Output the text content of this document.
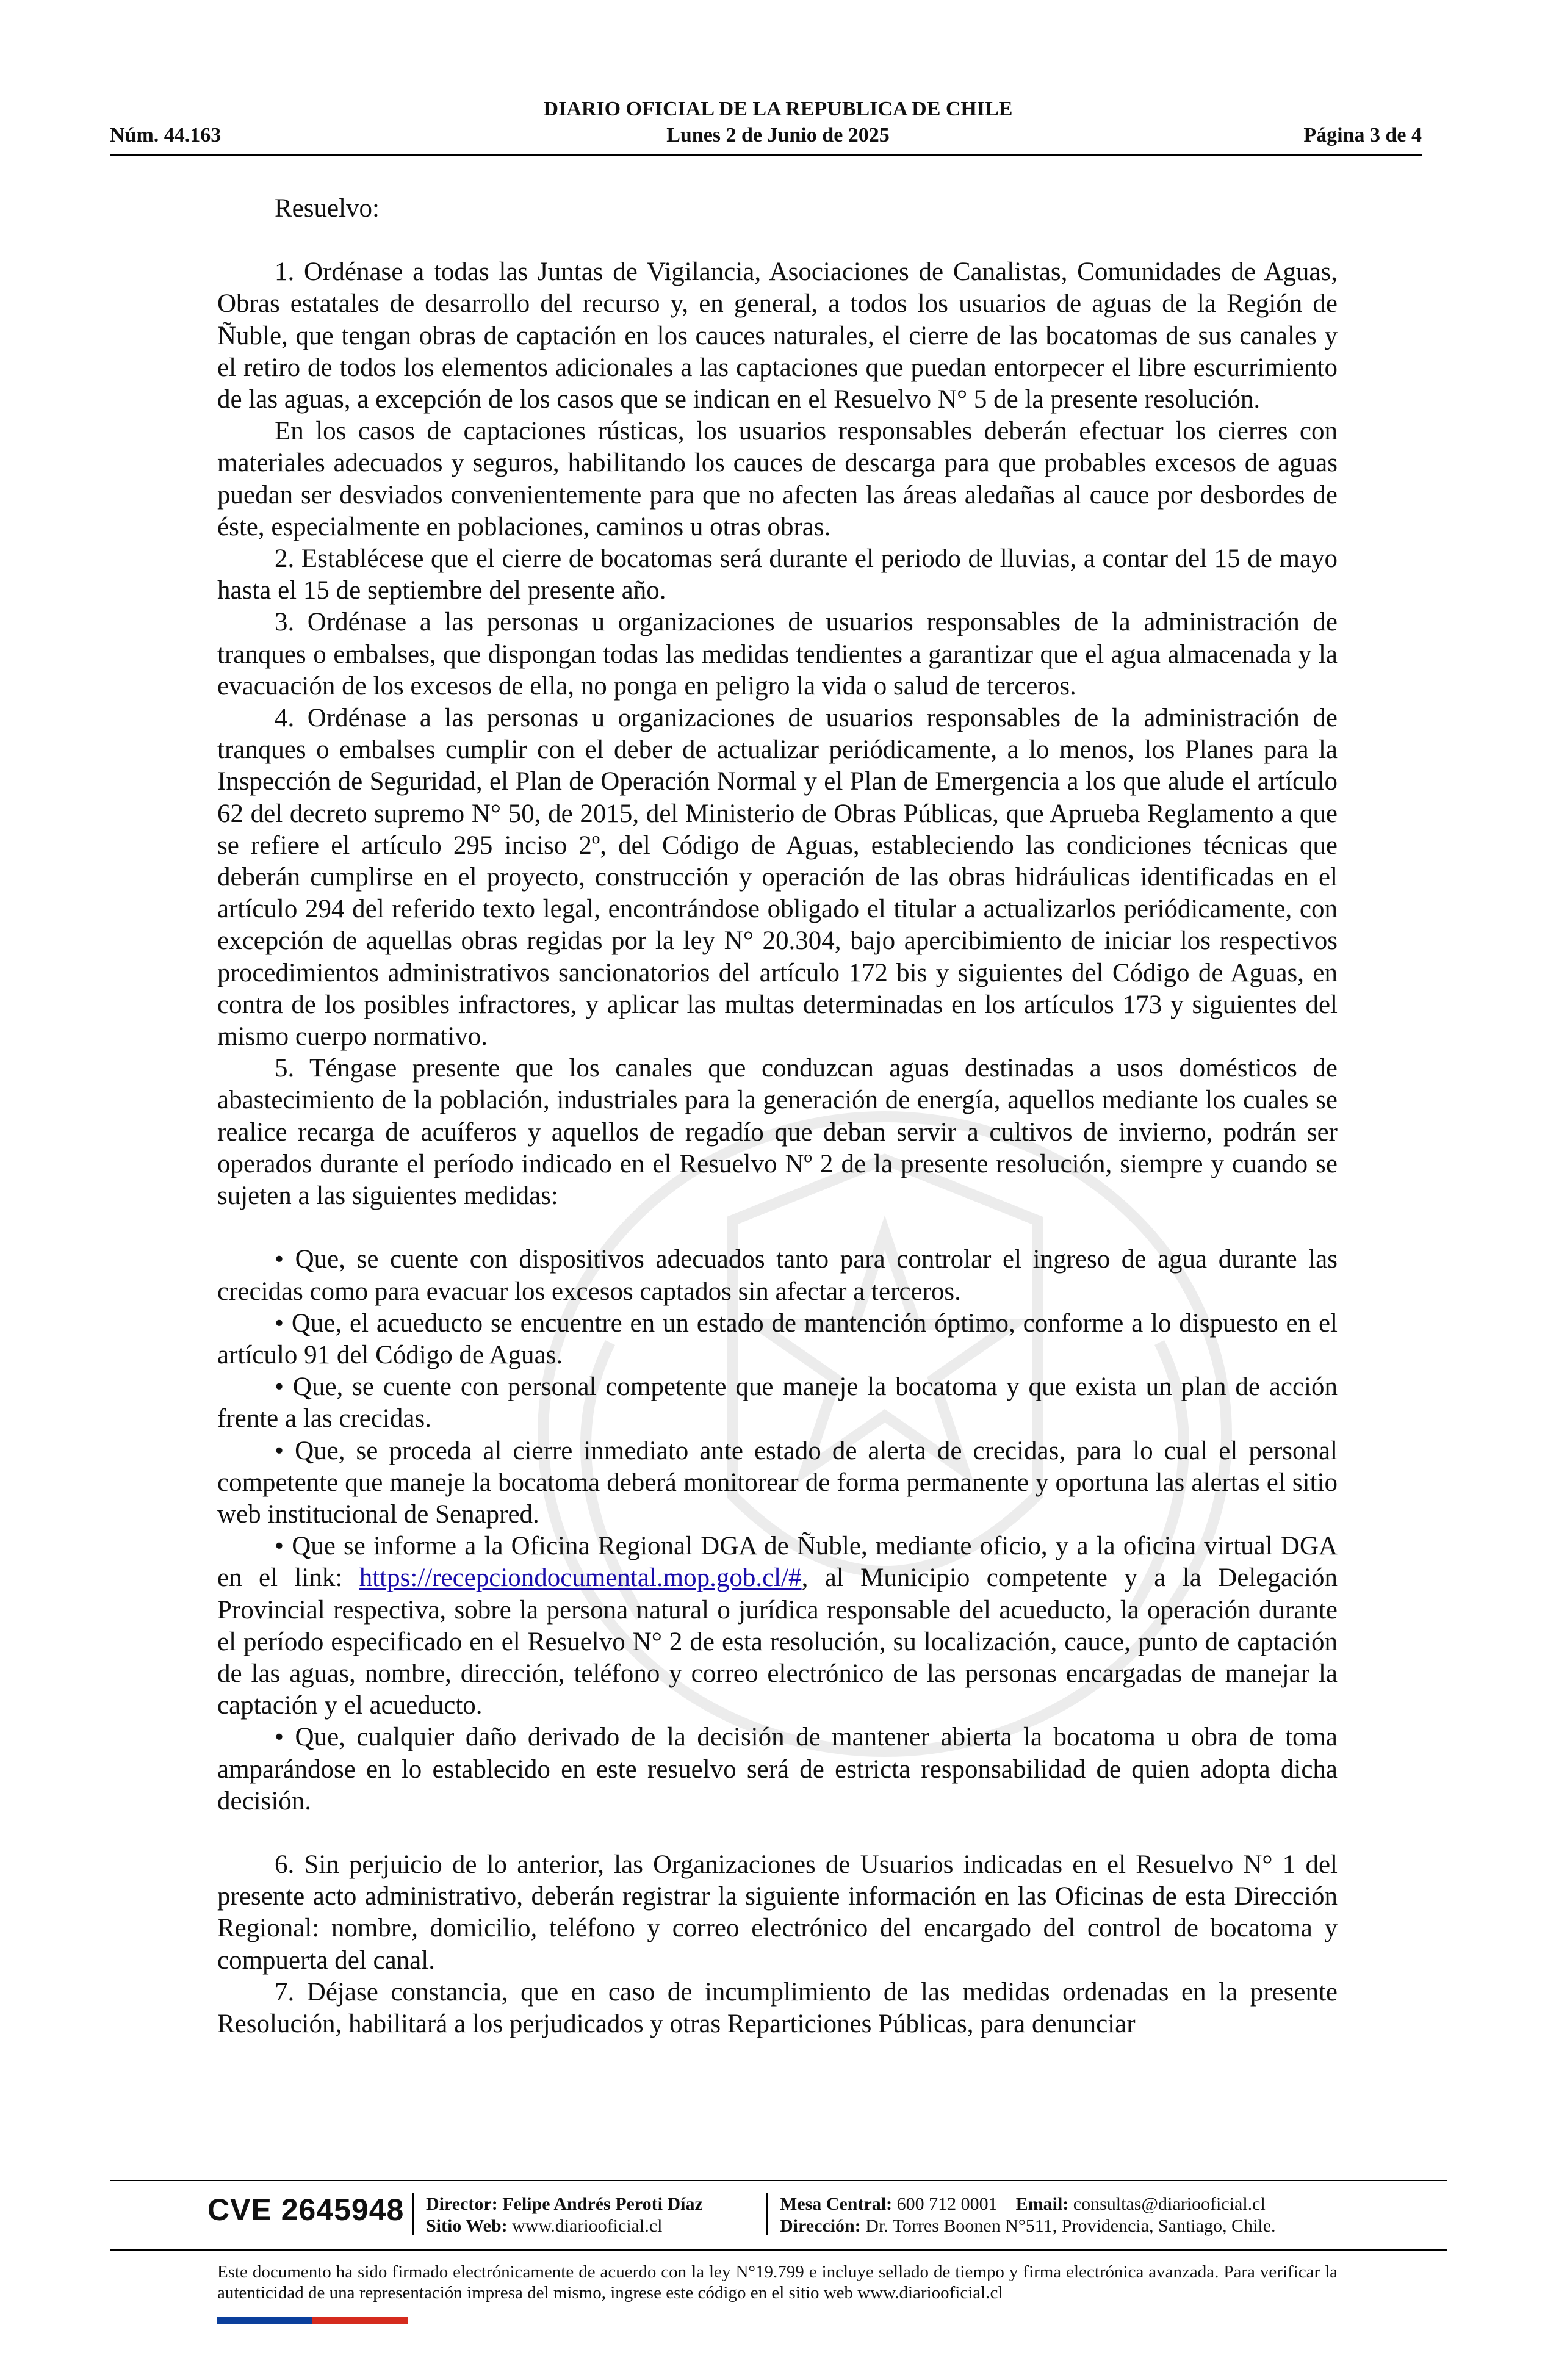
DIARIO OFICIAL DE LA REPUBLICA DE CHILE
Núm. 44.163	Lunes 2 de Junio de 2025	Página 3 de 4

Resuelvo:

1. Ordénase a todas las Juntas de Vigilancia, Asociaciones de Canalistas, Comunidades de Aguas, Obras estatales de desarrollo del recurso y, en general, a todos los usuarios de aguas de la Región de Ñuble, que tengan obras de captación en los cauces naturales, el cierre de las bocatomas de sus canales y el retiro de todos los elementos adicionales a las captaciones que puedan entorpecer el libre escurrimiento de las aguas, a excepción de los casos que se indican en el Resuelvo N° 5 de la presente resolución.

En los casos de captaciones rústicas, los usuarios responsables deberán efectuar los cierres con materiales adecuados y seguros, habilitando los cauces de descarga para que probables excesos de aguas puedan ser desviados convenientemente para que no afecten las áreas aledañas al cauce por desbordes de éste, especialmente en poblaciones, caminos u otras obras.

2. Establécese que el cierre de bocatomas será durante el periodo de lluvias, a contar del 15 de mayo hasta el 15 de septiembre del presente año.

3. Ordénase a las personas u organizaciones de usuarios responsables de la administración de tranques o embalses, que dispongan todas las medidas tendientes a garantizar que el agua almacenada y la evacuación de los excesos de ella, no ponga en peligro la vida o salud de terceros.

4. Ordénase a las personas u organizaciones de usuarios responsables de la administración de tranques o embalses cumplir con el deber de actualizar periódicamente, a lo menos, los Planes para la Inspección de Seguridad, el Plan de Operación Normal y el Plan de Emergencia a los que alude el artículo 62 del decreto supremo N° 50, de 2015, del Ministerio de Obras Públicas, que Aprueba Reglamento a que se refiere el artículo 295 inciso 2º, del Código de Aguas, estableciendo las condiciones técnicas que deberán cumplirse en el proyecto, construcción y operación de las obras hidráulicas identificadas en el artículo 294 del referido texto legal, encontrándose obligado el titular a actualizarlos periódicamente, con excepción de aquellas obras regidas por la ley N° 20.304, bajo apercibimiento de iniciar los respectivos procedimientos administrativos sancionatorios del artículo 172 bis y siguientes del Código de Aguas, en contra de los posibles infractores, y aplicar las multas determinadas en los artículos 173 y siguientes del mismo cuerpo normativo.

5. Téngase presente que los canales que conduzcan aguas destinadas a usos domésticos de abastecimiento de la población, industriales para la generación de energía, aquellos mediante los cuales se realice recarga de acuíferos y aquellos de regadío que deban servir a cultivos de invierno, podrán ser operados durante el período indicado en el Resuelvo Nº 2 de la presente resolución, siempre y cuando se sujeten a las siguientes medidas:

• Que, se cuente con dispositivos adecuados tanto para controlar el ingreso de agua durante las crecidas como para evacuar los excesos captados sin afectar a terceros.

• Que, el acueducto se encuentre en un estado de mantención óptimo, conforme a lo dispuesto en el artículo 91 del Código de Aguas.

• Que, se cuente con personal competente que maneje la bocatoma y que exista un plan de acción frente a las crecidas.

• Que, se proceda al cierre inmediato ante estado de alerta de crecidas, para lo cual el personal competente que maneje la bocatoma deberá monitorear de forma permanente y oportuna las alertas el sitio web institucional de Senapred.

• Que se informe a la Oficina Regional DGA de Ñuble, mediante oficio, y a la oficina virtual DGA en el link: https://recepciondocumental.mop.gob.cl/#, al Municipio competente y a la Delegación Provincial respectiva, sobre la persona natural o jurídica responsable del acueducto, la operación durante el período especificado en el Resuelvo N° 2 de esta resolución, su localización, cauce, punto de captación de las aguas, nombre, dirección, teléfono y correo electrónico de las personas encargadas de manejar la captación y el acueducto.

• Que, cualquier daño derivado de la decisión de mantener abierta la bocatoma u obra de toma amparándose en lo establecido en este resuelvo será de estricta responsabilidad de quien adopta dicha decisión.

6. Sin perjuicio de lo anterior, las Organizaciones de Usuarios indicadas en el Resuelvo N° 1 del presente acto administrativo, deberán registrar la siguiente información en las Oficinas de esta Dirección Regional: nombre, domicilio, teléfono y correo electrónico del encargado del control de bocatoma y compuerta del canal.

7. Déjase constancia, que en caso de incumplimiento de las medidas ordenadas en la presente Resolución, habilitará a los perjudicados y otras Reparticiones Públicas, para denunciar

CVE 2645948 Director: Felipe Andrés Peroti Díaz
Sitio Web: www.diariooficial.cl
Mesa Central: 600 712 0001 Email: consultas@diariooficial.cl
Dirección: Dr. Torres Boonen N°511, Providencia, Santiago, Chile.
Este documento ha sido firmado electrónicamente de acuerdo con la ley N°19.799 e incluye sellado de tiempo y firma electrónica avanzada. Para verificar la autenticidad de una representación impresa del mismo, ingrese este código en el sitio web www.diariooficial.cl
